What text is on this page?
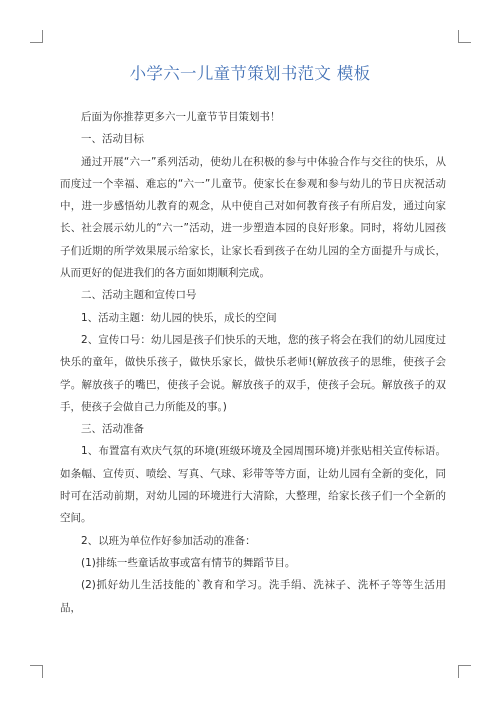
小学六一儿童节策划书范文 模板

后面为你推荐更多六一儿童节节目策划书！

一、活动目标

通过开展“六一”系列活动，使幼儿在积极的参与中体验合作与交往的快乐，从而度过一个幸福、难忘的“六一”儿童节。使家长在参观和参与幼儿的节日庆祝活动中，进一步感悟幼儿教育的观念，从中使自己对如何教育孩子有所启发，通过向家长、社会展示幼儿的“六一”活动，进一步塑造本园的良好形象。同时，将幼儿园孩子们近期的所学效果展示给家长，让家长看到孩子在幼儿园的全方面提升与成长，从而更好的促进我们的各方面如期顺利完成。

二、活动主题和宣传口号

1、活动主题：幼儿园的快乐，成长的空间

2、宣传口号：幼儿园是孩子们快乐的天地，您的孩子将会在我们的幼儿园度过快乐的童年，做快乐孩子，做快乐家长，做快乐老师!(解放孩子的思维，使孩子会学。解放孩子的嘴巴，使孩子会说。解放孩子的双手，使孩子会玩。解放孩子的双手，使孩子会做自己力所能及的事。)

三、活动准备

1、布置富有欢庆气氛的环境(班级环境及全园周围环境)并张贴相关宣传标语。如条幅、宣传页、喷绘、写真、气球、彩带等等方面，让幼儿园有全新的变化，同时可在活动前期，对幼儿园的环境进行大清除，大整理，给家长孩子们一个全新的空间。

2、以班为单位作好参加活动的准备：

(1)排练一些童话故事或富有情节的舞蹈节目。

(2)抓好幼儿生活技能的`教育和学习。洗手绢、洗袜子、洗杯子等等生活用品，
